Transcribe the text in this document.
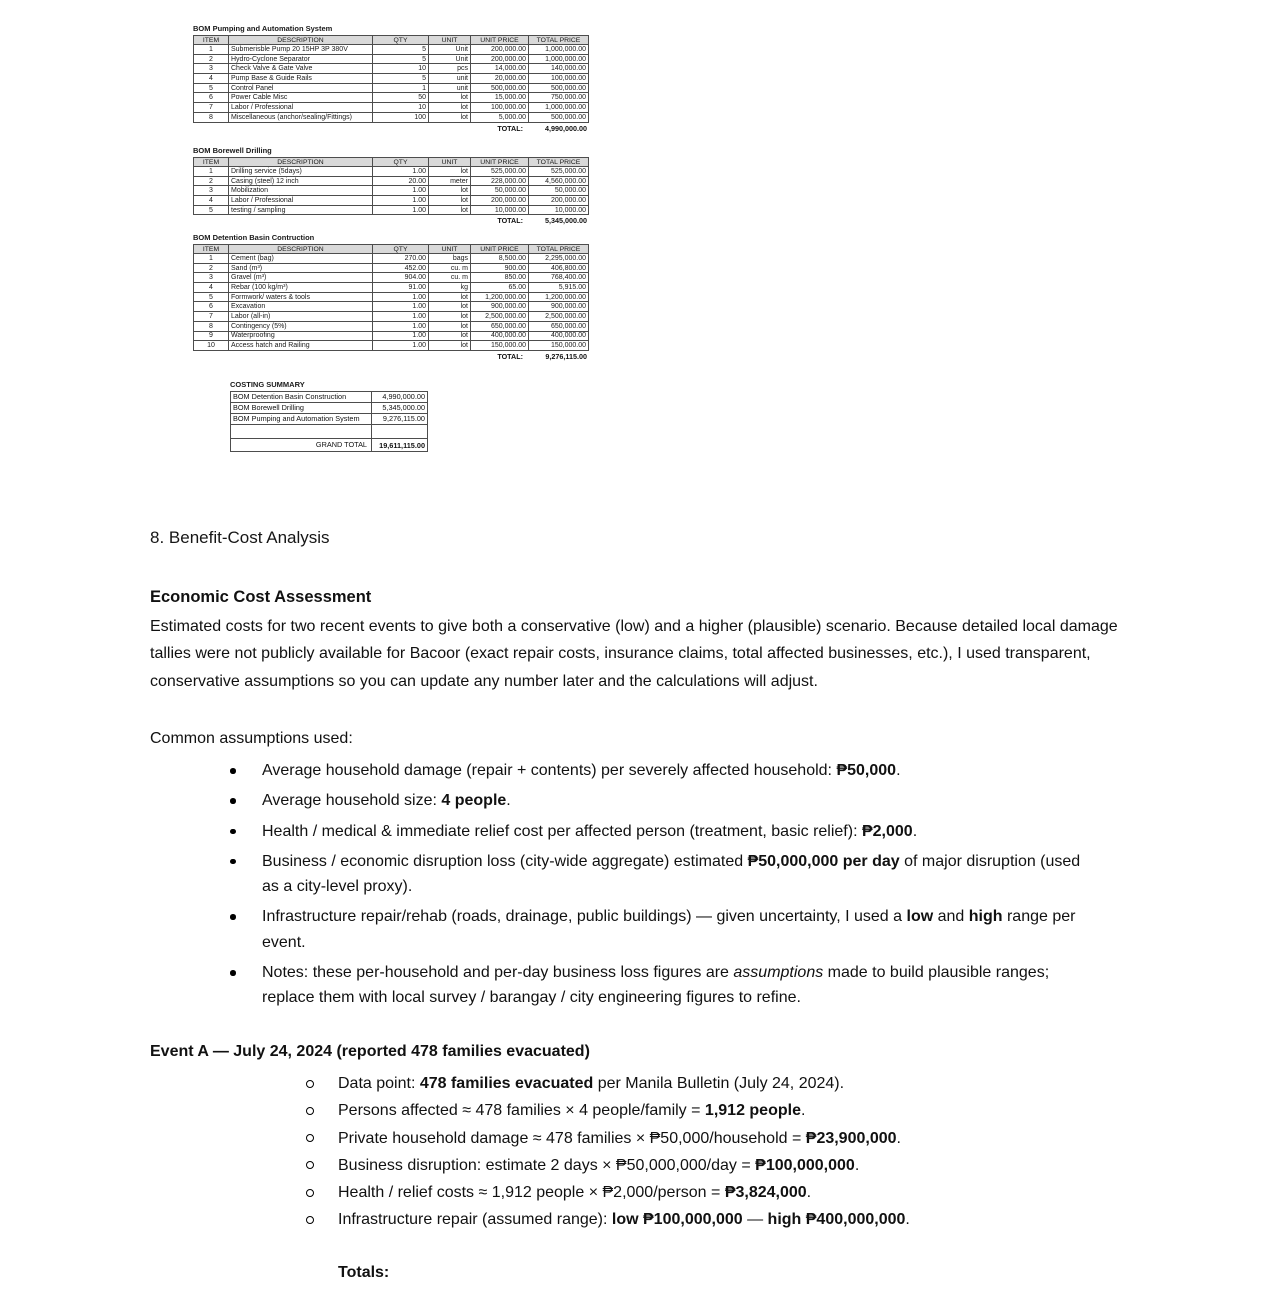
BOM Pumping and Automation System
ITEM	DESCRIPTION	QTY	UNIT	UNIT PRICE	TOTAL PRICE
1	Submerisble Pump 20 15HP 3P 380V	5	Unit	200,000.00	1,000,000.00
2	Hydro-Cyclone Separator	5	Unit	200,000.00	1,000,000.00
3	Check Valve & Gate Valve	10	pcs	14,000.00	140,000.00
4	Pump Base & Guide Rails	5	unit	20,000.00	100,000.00
5	Control Panel	1	unit	500,000.00	500,000.00
6	Power Cable Misc	50	lot	15,000.00	750,000.00
7	Labor / Professional	10	lot	100,000.00	1,000,000.00
8	Miscellaneous (anchor/sealing/Fittings)	100	lot	5,000.00	500,000.00
TOTAL:	4,990,000.00
BOM Borewell Drilling
ITEM	DESCRIPTION	QTY	UNIT	UNIT PRICE	TOTAL PRICE
1	Drilling service (5days)	1.00	lot	525,000.00	525,000.00
2	Casing (steel) 12 inch	20.00	meter	228,000.00	4,560,000.00
3	Mobilization	1.00	lot	50,000.00	50,000.00
4	Labor / Professional	1.00	lot	200,000.00	200,000.00
5	testing / sampling	1.00	lot	10,000.00	10,000.00
TOTAL:	5,345,000.00
BOM Detention Basin Contruction
ITEM	DESCRIPTION	QTY	UNIT	UNIT PRICE	TOTAL PRICE
1	Cement (bag)	270.00	bags	8,500.00	2,295,000.00
2	Sand (m³)	452.00	cu. m	900.00	406,800.00
3	Gravel (m³)	904.00	cu. m	850.00	768,400.00
4	Rebar (100 kg/m³)	91.00	kg	65.00	5,915.00
5	Formwork/ waters & tools	1.00	lot	1,200,000.00	1,200,000.00
6	Excavation	1.00	lot	900,000.00	900,000.00
7	Labor (all-in)	1.00	lot	2,500,000.00	2,500,000.00
8	Contingency (5%)	1.00	lot	650,000.00	650,000.00
9	Waterproofing	1.00	lot	400,000.00	400,000.00
10	Access hatch and Railing	1.00	lot	150,000.00	150,000.00
TOTAL:	9,276,115.00
COSTING SUMMARY
BOM Detention Basin Construction	4,990,000.00
BOM Borewell Drilling	5,345,000.00
BOM Pumping and Automation System	9,276,115.00
GRAND TOTAL	19,611,115.00
8. Benefit-Cost Analysis
Economic Cost Assessment
Estimated costs for two recent events to give both a conservative (low) and a higher (plausible) scenario. Because detailed local damage tallies were not publicly available for Bacoor (exact repair costs, insurance claims, total affected businesses, etc.), I used transparent, conservative assumptions so you can update any number later and the calculations will adjust.
Common assumptions used:
Average household damage (repair + contents) per severely affected household: ₱50,000.
Average household size: 4 people.
Health / medical & immediate relief cost per affected person (treatment, basic relief): ₱2,000.
Business / economic disruption loss (city-wide aggregate) estimated ₱50,000,000 per day of major disruption (used as a city-level proxy).
Infrastructure repair/rehab (roads, drainage, public buildings) — given uncertainty, I used a low and high range per event.
Notes: these per-household and per-day business loss figures are assumptions made to build plausible ranges; replace them with local survey / barangay / city engineering figures to refine.
Event A — July 24, 2024 (reported 478 families evacuated)
Data point: 478 families evacuated per Manila Bulletin (July 24, 2024).
Persons affected ≈ 478 families × 4 people/family = 1,912 people.
Private household damage ≈ 478 families × ₱50,000/household = ₱23,900,000.
Business disruption: estimate 2 days × ₱50,000,000/day = ₱100,000,000.
Health / relief costs ≈ 1,912 people × ₱2,000/person = ₱3,824,000.
Infrastructure repair (assumed range): low ₱100,000,000 — high ₱400,000,000.
Totals:
